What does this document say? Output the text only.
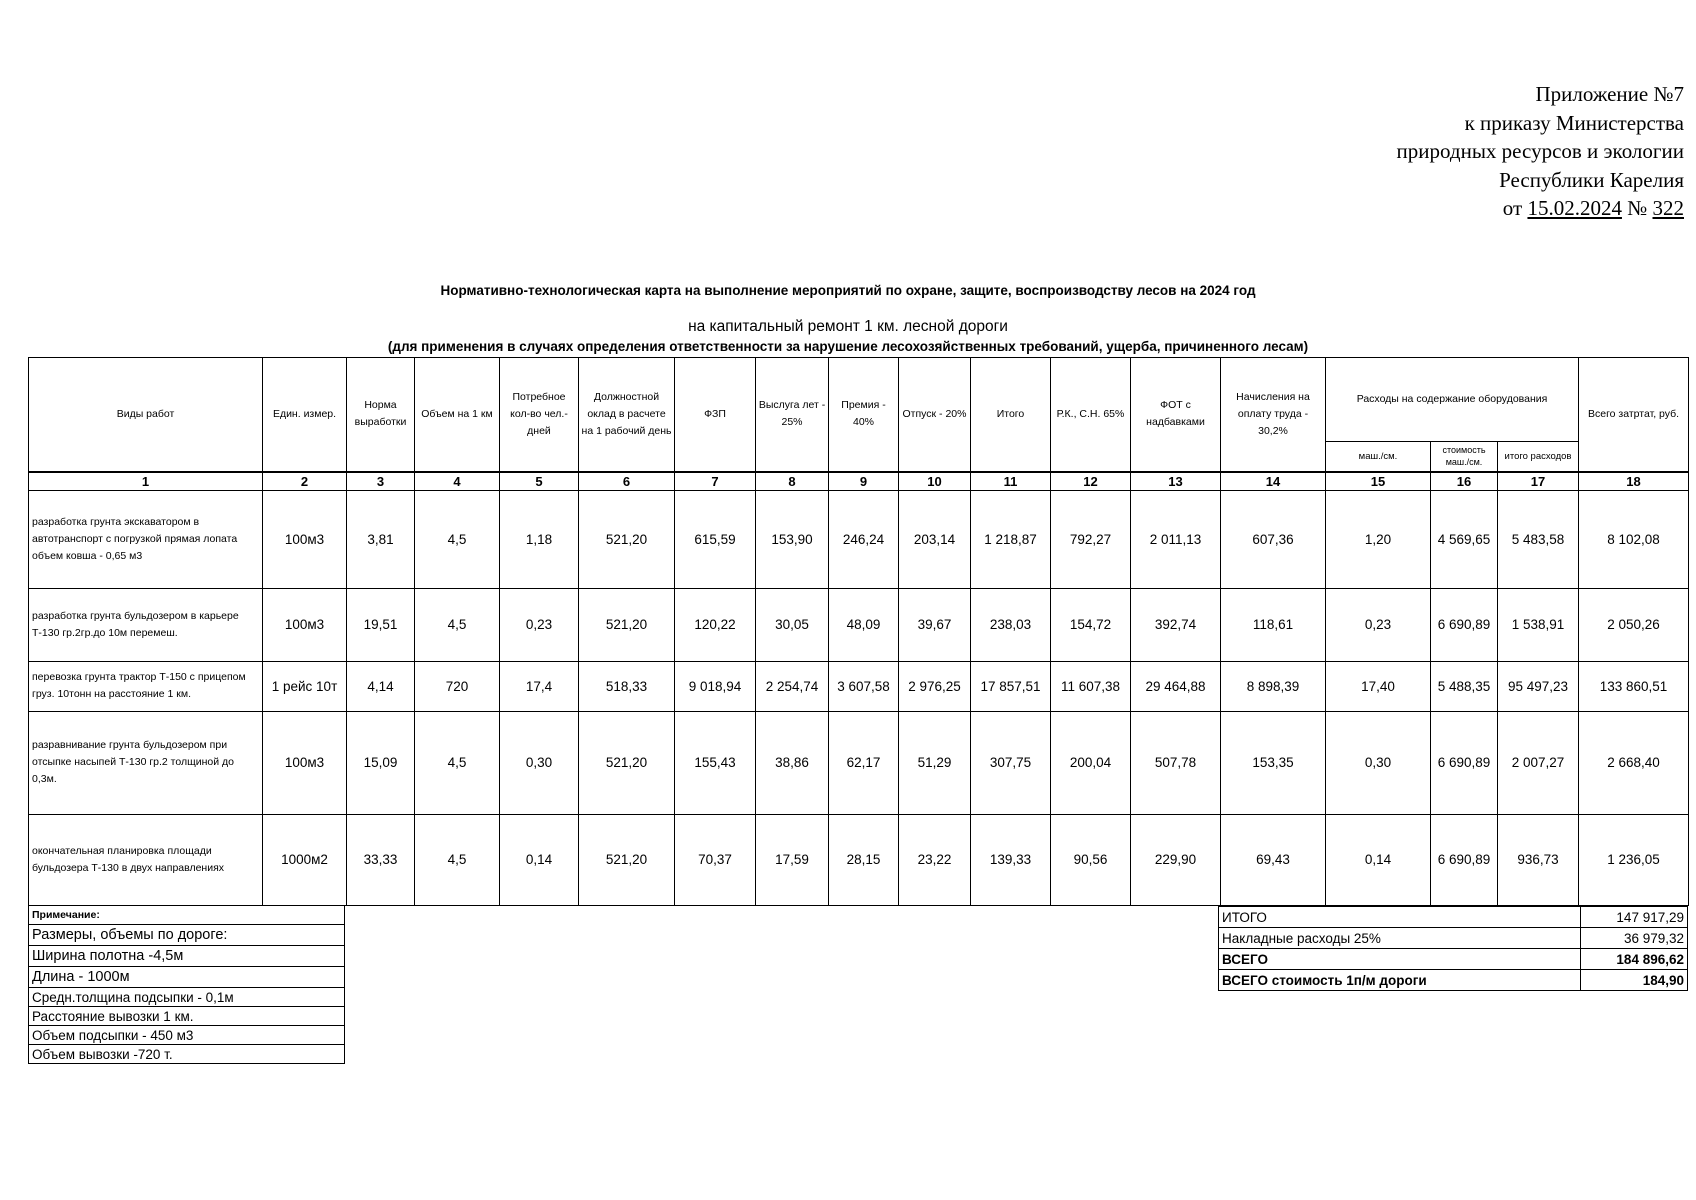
Приложение №7
к приказу Министерства
природных ресурсов и экологии
Республики Карелия
от 15.02.2024 № 322
Нормативно-технологическая карта на выполнение мероприятий по охране, защите, воспроизводству лесов на 2024 год
на капитальный ремонт 1 км. лесной дороги
(для применения в случаях определения ответственности за нарушение лесохозяйственных требований, ущерба, причиненного лесам)
Виды работ	Един. измер.	Норма выработки	Объем на 1 км	Потребное кол-во чел.-дней	Должностной оклад в расчете на 1 рабочий день	ФЗП	Выслуга лет - 25%	Премия - 40%	Отпуск - 20%	Итого	Р.К., С.Н. 65%	ФОТ с надбавками	Начисления на оплату труда - 30,2%	Расходы на содержание оборудования			Всего затртат, руб.
														маш./см.	стоимость маш./см.	итого расходов	
1	2	3	4	5	6	7	8	9	10	11	12	13	14	15	16	17	18
разработка грунта экскаватором в автотранспорт с погрузкой прямая лопата объем ковша - 0,65 м3	100м3	3,81	4,5	1,18	521,20	615,59	153,90	246,24	203,14	1 218,87	792,27	2 011,13	607,36	1,20	4 569,65	5 483,58	8 102,08
разработка грунта бульдозером в карьере Т-130 гр.2гр.до 10м перемеш.	100м3	19,51	4,5	0,23	521,20	120,22	30,05	48,09	39,67	238,03	154,72	392,74	118,61	0,23	6 690,89	1 538,91	2 050,26
перевозка грунта трактор Т-150 с прицепом груз. 10тонн на расстояние 1 км.	1 рейс 10т	4,14	720	17,4	518,33	9 018,94	2 254,74	3 607,58	2 976,25	17 857,51	11 607,38	29 464,88	8 898,39	17,40	5 488,35	95 497,23	133 860,51
разравнивание грунта бульдозером при отсыпке насыпей Т-130 гр.2 толщиной до 0,3м.	100м3	15,09	4,5	0,30	521,20	155,43	38,86	62,17	51,29	307,75	200,04	507,78	153,35	0,30	6 690,89	2 007,27	2 668,40
окончательная планировка площади бульдозера Т-130 в двух направлениях	1000м2	33,33	4,5	0,14	521,20	70,37	17,59	28,15	23,22	139,33	90,56	229,90	69,43	0,14	6 690,89	936,73	1 236,05
Примечание:
Размеры, объемы по дороге:
Ширина полотна -4,5м
Длина - 1000м
Средн.толщина подсыпки - 0,1м
Расстояние вывозки 1 км.
Объем подсыпки - 450 м3
Объем вывозки -720 т.
ИТОГО	147 917,29
Накладные расходы 25%	36 979,32
ВСЕГО	184 896,62
ВСЕГО стоимость 1п/м дороги	184,90
